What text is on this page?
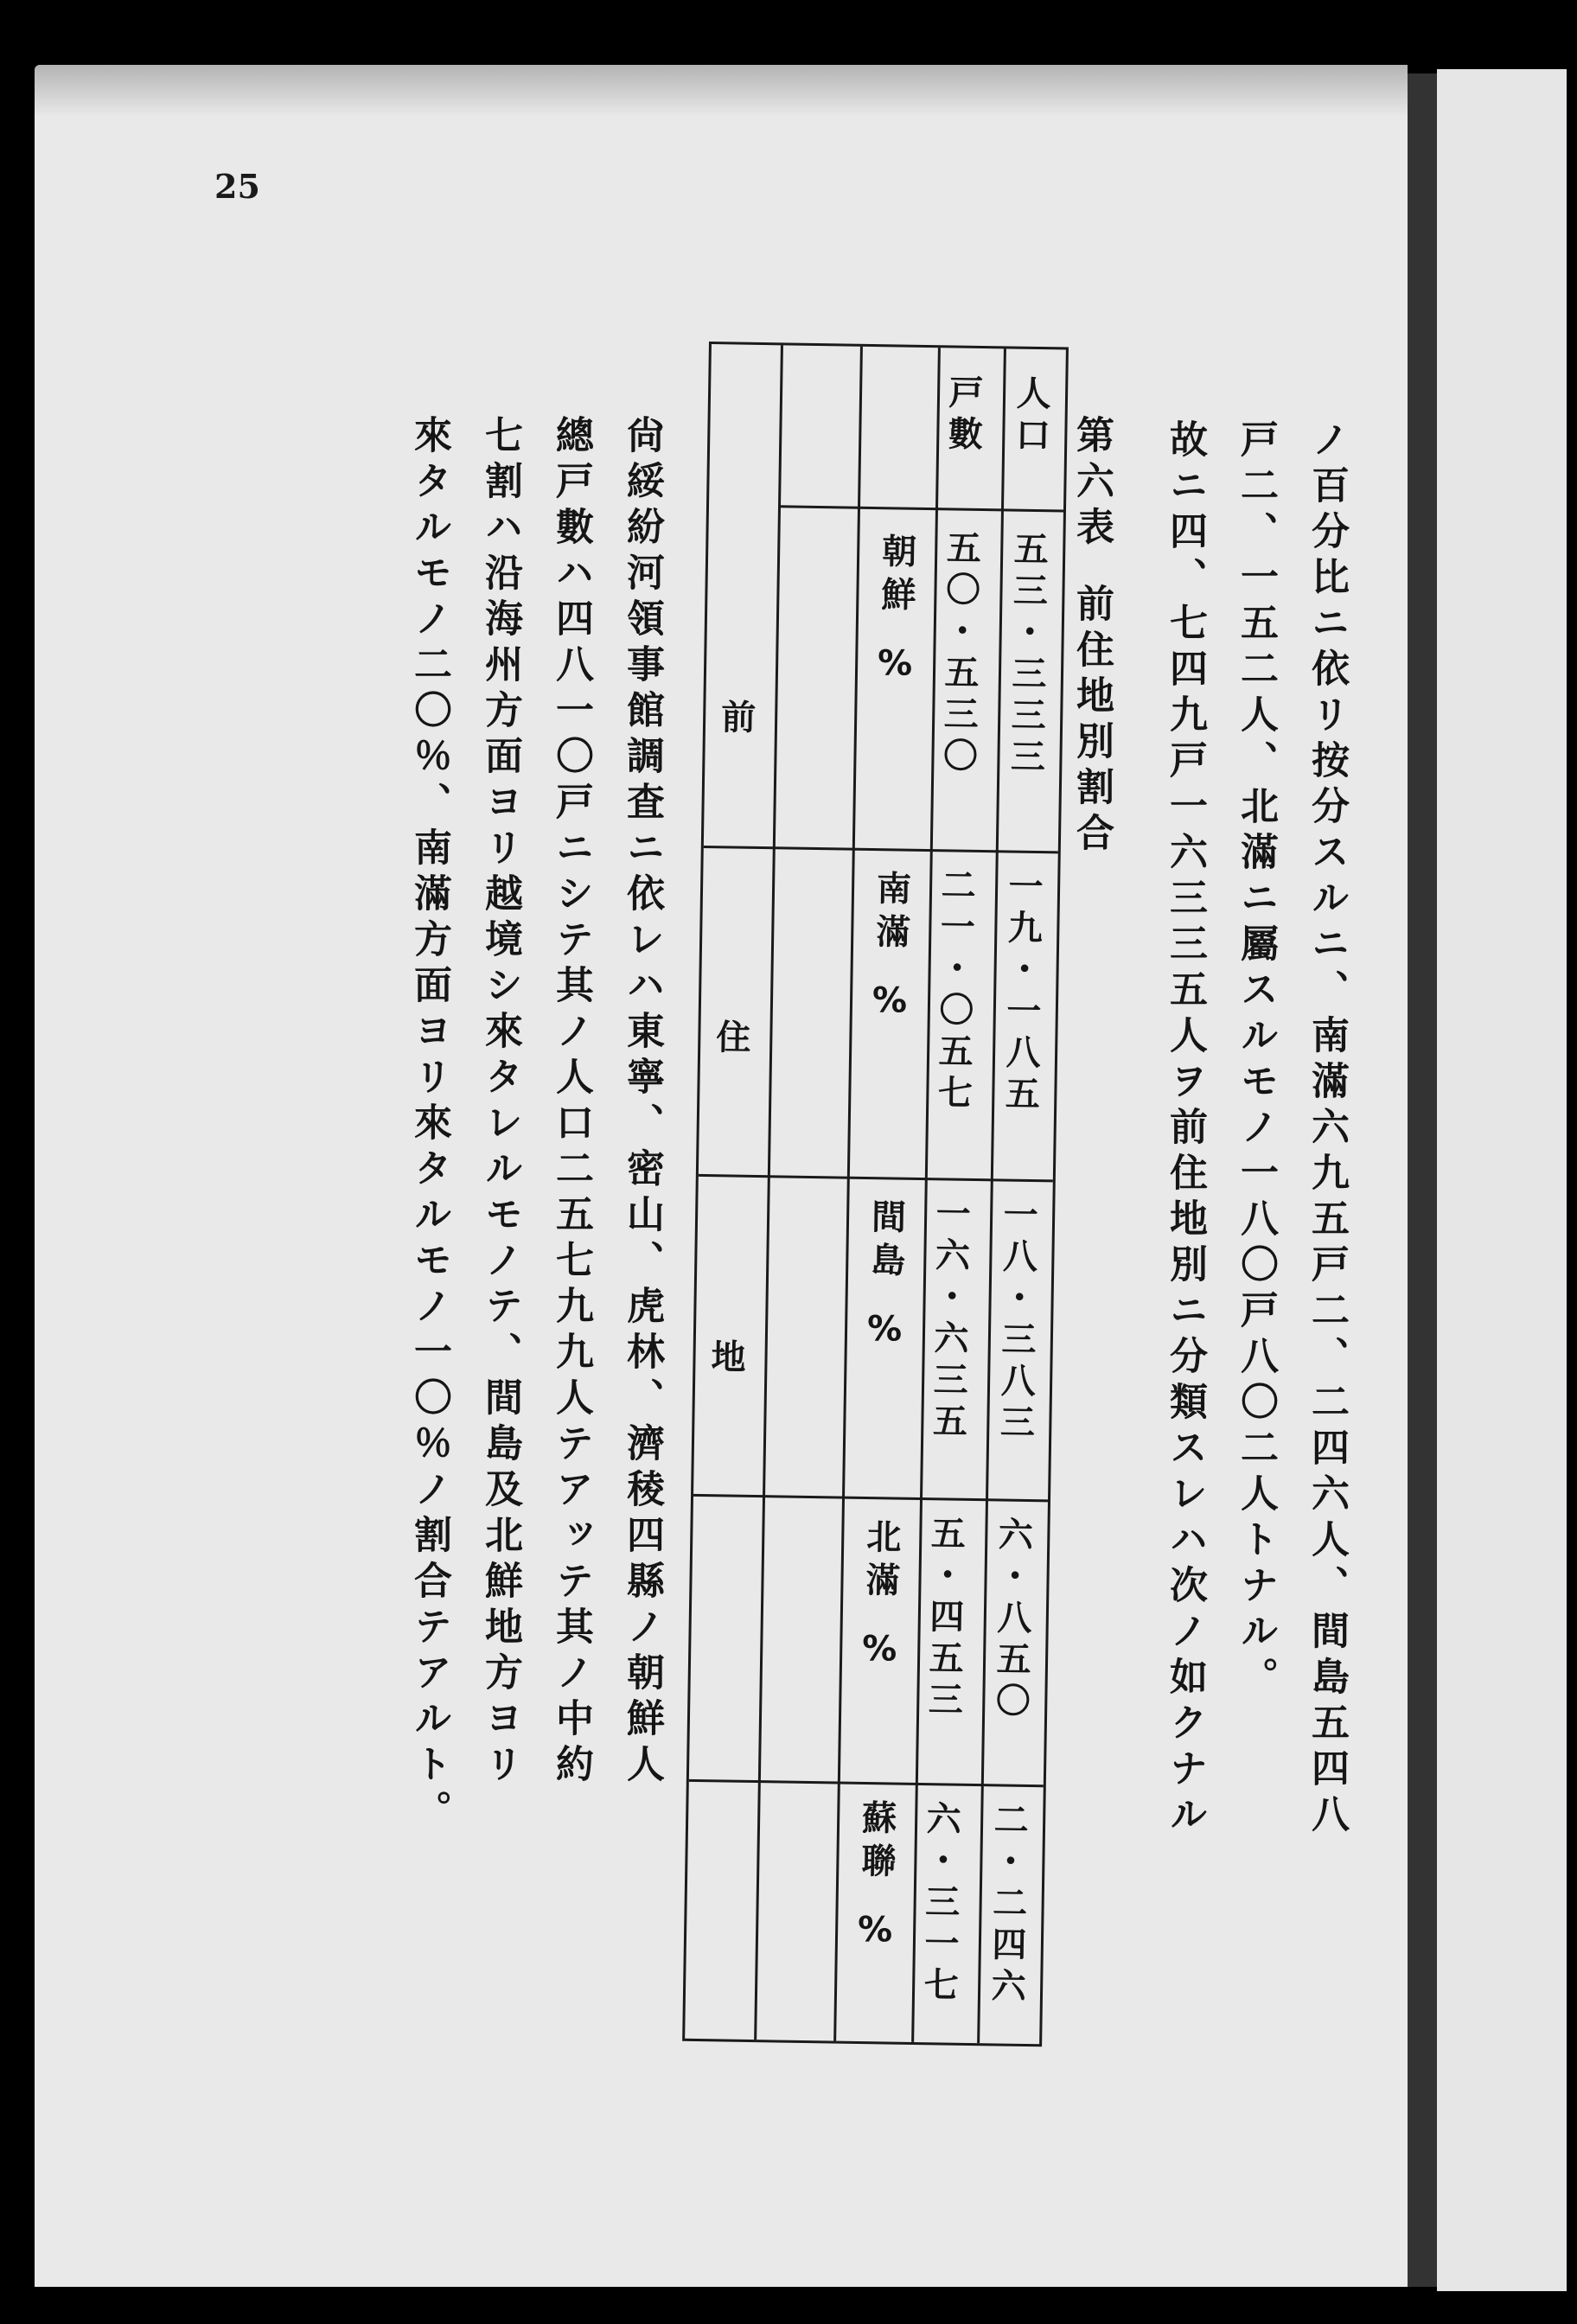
25
ノ百分比ニ依リ按分スルニ、南滿六九五戸二、二四六人、間島五四八
戸二、一五二人、北滿ニ屬スルモノ一八〇戸八〇二人トナル。
故ニ四、七四九戸一六三三五人ヲ前住地別ニ分類スレハ次ノ如クナル
第六表
前住地別割合
前
住
地
戸數 人口
朝鮮
% 五〇・五三〇 五三・三三三
南滿
% 二一・〇五七 一九・一八五
間島
% 一六・六三五 一八・三八三
北滿
% 五・四五三 六・八五〇
蘇聯
% 六・三一七 二・二四六
尙綏紛河領事館調査ニ依レハ東寧、密山、虎林、濟稜四縣ノ朝鮮人
總戸數ハ四八一〇戸ニシテ其ノ人口二五七九九人テアッテ其ノ中約
七割ハ沿海州方面ヨリ越境シ來タレルモノテ、間島及北鮮地方ヨリ
來タルモノ二〇％、南滿方面ヨリ來タルモノ一〇％ノ割合テアルト。
